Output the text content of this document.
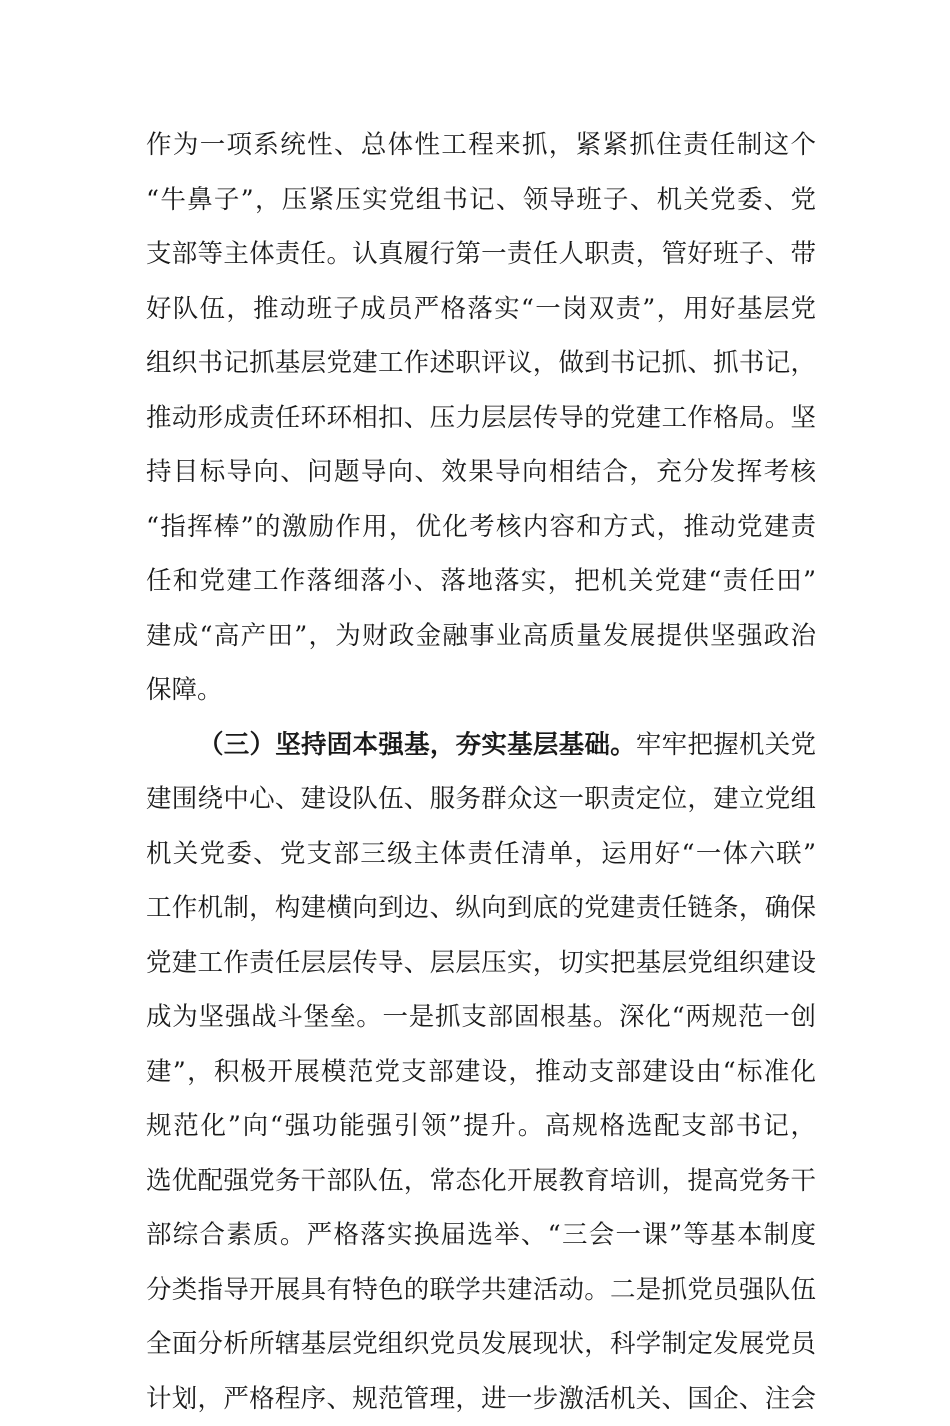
作为一项系统性、总体性工程来抓，紧紧抓住责任制这个
“牛鼻子”，压紧压实党组书记、领导班子、机关党委、党
支部等主体责任。认真履行第一责任人职责，管好班子、带
好队伍，推动班子成员严格落实“一岗双责”，用好基层党
组织书记抓基层党建工作述职评议，做到书记抓、抓书记，
推动形成责任环环相扣、压力层层传导的党建工作格局。坚
持目标导向、问题导向、效果导向相结合，充分发挥考核
“指挥棒”的激励作用，优化考核内容和方式，推动党建责
任和党建工作落细落小、落地落实，把机关党建“责任田”
建成“高产田”，为财政金融事业高质量发展提供坚强政治
保障。
（三）坚持固本强基，夯实基层基础。牢牢把握机关党
建围绕中心、建设队伍、服务群众这一职责定位，建立党组
机关党委、党支部三级主体责任清单，运用好“一体六联”
工作机制，构建横向到边、纵向到底的党建责任链条，确保
党建工作责任层层传导、层层压实，切实把基层党组织建设
成为坚强战斗堡垒。一是抓支部固根基。深化“两规范一创
建”，积极开展模范党支部建设，推动支部建设由“标准化
规范化”向“强功能强引领”提升。高规格选配支部书记，
选优配强党务干部队伍，常态化开展教育培训，提高党务干
部综合素质。严格落实换届选举、“三会一课”等基本制度
分类指导开展具有特色的联学共建活动。二是抓党员强队伍
全面分析所辖基层党组织党员发展现状，科学制定发展党员
计划，严格程序、规范管理，进一步激活机关、国企、注会
